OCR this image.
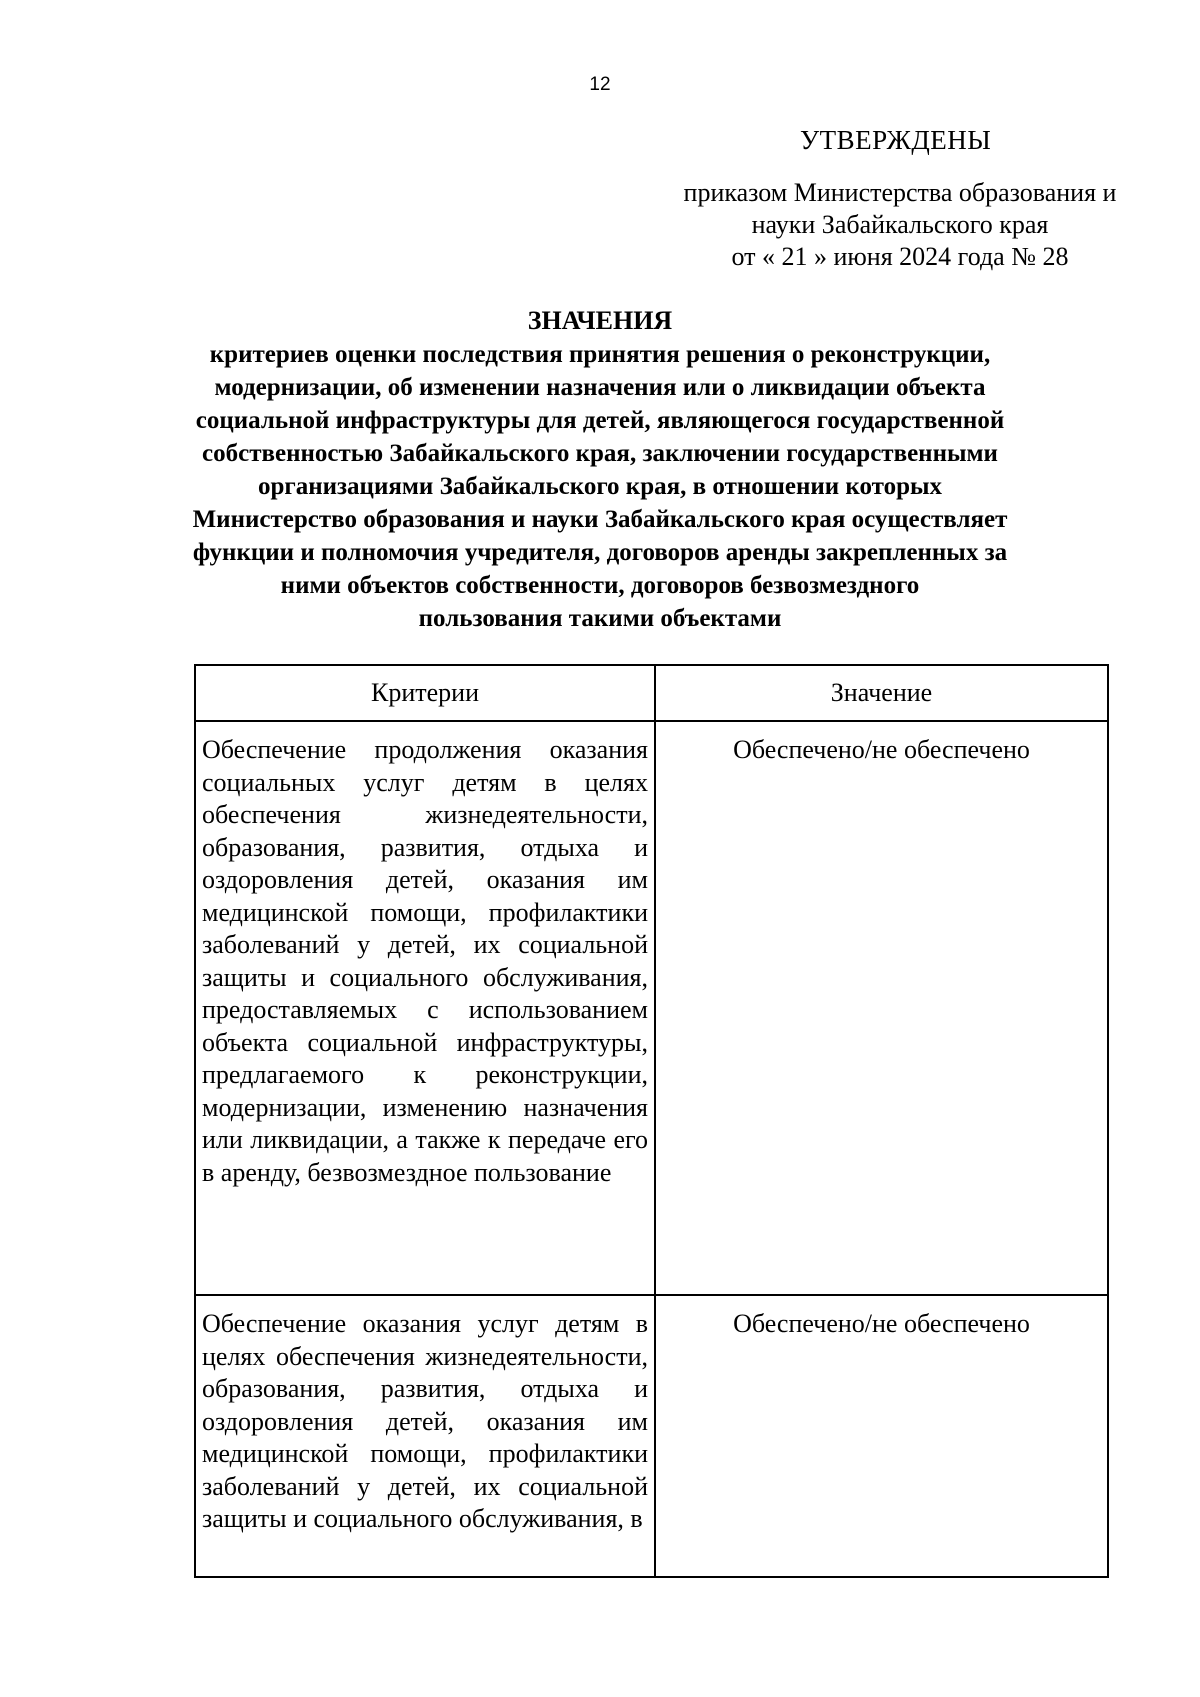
12
УТВЕРЖДЕНЫ
приказом Министерства образования и
науки Забайкальского края
от « 21 » июня 2024 года № 28
ЗНАЧЕНИЯ
критериев оценки последствия принятия решения о реконструкции,
модернизации, об изменении назначения или о ликвидации объекта
социальной инфраструктуры для детей, являющегося государственной
собственностью Забайкальского края, заключении государственными
организациями Забайкальского края, в отношении которых
Министерство образования и науки Забайкальского края осуществляет
функции и полномочия учредителя, договоров аренды закрепленных за
ними объектов собственности, договоров безвозмездного
пользования такими объектами
Критерии	Значение

Обеспечение продолжения оказания социальных услуг детям в целях обеспечения жизнедеятельности, образования, развития, отдыха и оздоровления детей, оказания им медицинской помощи, профилактики заболеваний у детей, их социальной защиты и социального обслуживания, предоставляемых с использованием объекта социальной инфраструктуры, предлагаемого к реконструкции, модернизации, изменению назначения или ликвидации, а также к передаче его в аренду, безвозмездное пользование	Обеспечено/не обеспечено

Обеспечение оказания услуг детям в целях обеспечения жизнедеятельности, образования, развития, отдыха и оздоровления детей, оказания им медицинской помощи, профилактики заболеваний у детей, их социальной защиты и социального обслуживания, в	Обеспечено/не обеспечено
